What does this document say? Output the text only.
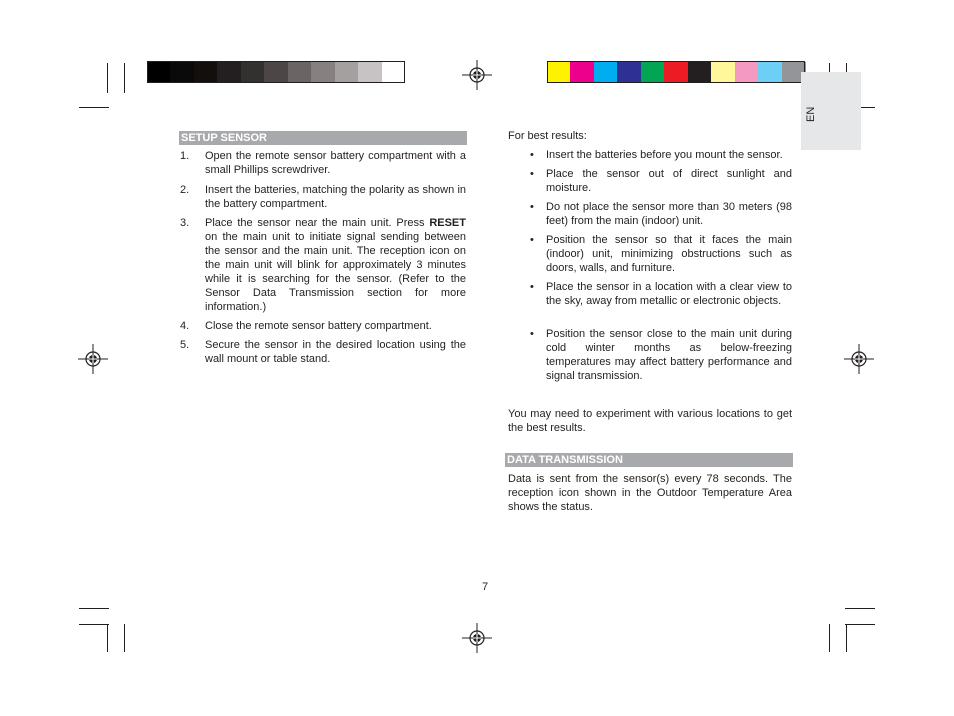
EN
SETUP SENSOR
1.	Open the remote sensor battery compartment with a small Phillips screwdriver.
2.	Insert the batteries, matching the polarity as shown in the battery compartment.
3.	Place the sensor near the main unit. Press RESET on the main unit to initiate signal sending between the sensor and the main unit. The reception icon on the main unit will blink for approximately 3 minutes while it is searching for the sensor. (Refer to the Sensor Data Transmission section for more information.)
4.	Close the remote sensor battery compartment.
5.	Secure the sensor in the desired location using the wall mount or table stand.
For best results:
•	Insert the batteries before you mount the sensor.
•	Place the sensor out of direct sunlight and moisture.
•	Do not place the sensor more than 30 meters (98 feet) from the main (indoor) unit.
•	Position the sensor so that it faces the main (indoor) unit, minimizing obstructions such as doors, walls, and furniture.
•	Place the sensor in a location with a clear view to the sky, away from metallic or electronic objects.
•	Position the sensor close to the main unit during cold winter months as below-freezing temperatures may affect battery performance and signal transmission.
You may need to experiment with various locations to get the best results.
DATA TRANSMISSION
Data is sent from the sensor(s) every 78 seconds. The reception icon shown in the Outdoor Temperature Area shows the status.
7
